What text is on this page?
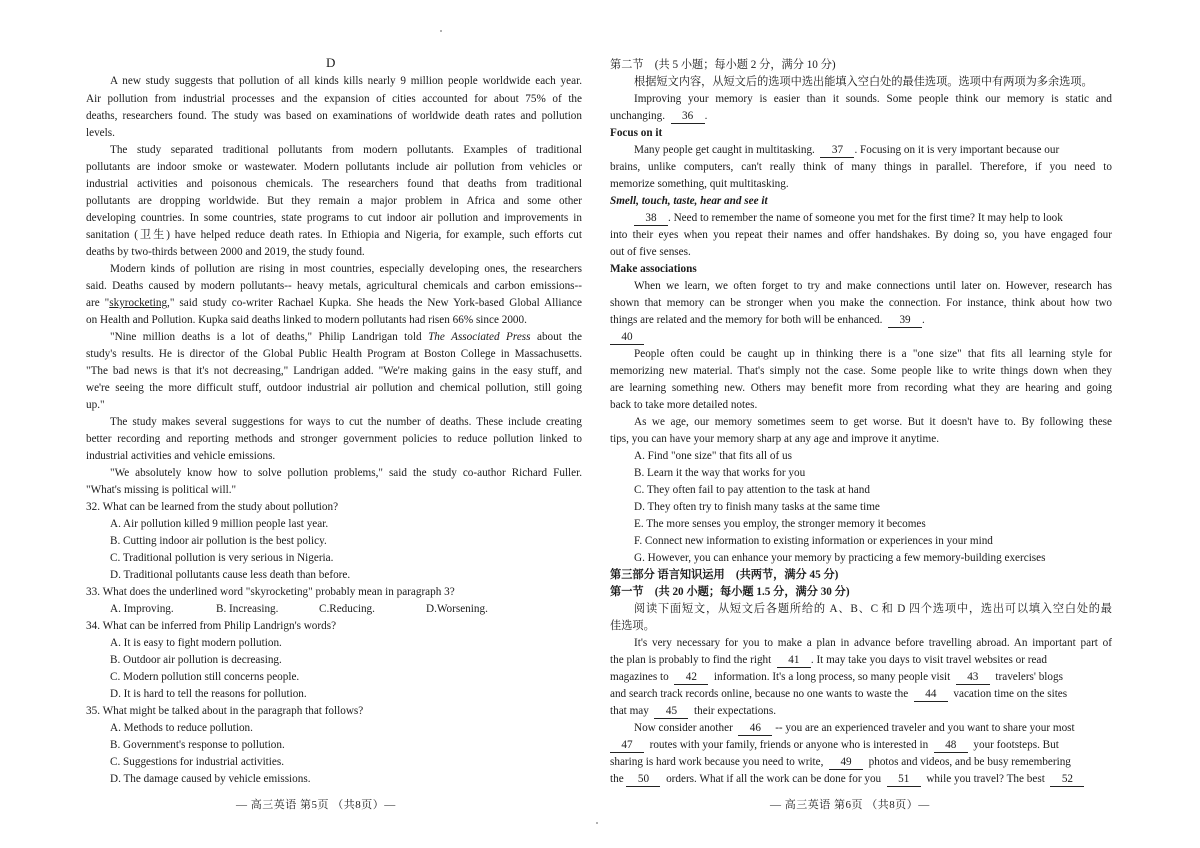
D
A new study suggests that pollution of all kinds kills nearly 9 million people worldwide each year.
Air pollution from industrial processes and the expansion of cities accounted for about 75% of the
deaths, researchers found. The study was based on examinations of worldwide death rates and pollution
levels.
The study separated traditional pollutants from modern pollutants. Examples of traditional
pollutants are indoor smoke or wastewater. Modern pollutants include air pollution from vehicles or
industrial activities and poisonous chemicals. The researchers found that deaths from traditional
pollutants are dropping worldwide. But they remain a major problem in Africa and some other
developing countries. In some countries, state programs to cut indoor air pollution and improvements in
sanitation (卫生) have helped reduce death rates. In Ethiopia and Nigeria, for example, such efforts cut
deaths by two-thirds between 2000 and 2019, the study found.
Modern kinds of pollution are rising in most countries, especially developing ones, the researchers
said. Deaths caused by modern pollutants-- heavy metals, agricultural chemicals and carbon emissions--
are "skyrocketing," said study co-writer Rachael Kupka. She heads the New York-based Global Alliance
on Health and Pollution. Kupka said deaths linked to modern pollutants had risen 66% since 2000.
"Nine million deaths is a lot of deaths," Philip Landrigan told The Associated Press about the
study's results. He is director of the Global Public Health Program at Boston College in Massachusetts.
"The bad news is that it's not decreasing," Landrigan added. "We're making gains in the easy stuff, and
we're seeing the more difficult stuff, outdoor industrial air pollution and chemical pollution, still going
up."
The study makes several suggestions for ways to cut the number of deaths. These include creating
better recording and reporting methods and stronger government policies to reduce pollution linked to
industrial activities and vehicle emissions.
"We absolutely know how to solve pollution problems," said the study co-author Richard Fuller.
"What's missing is political will."
32. What can be learned from the study about pollution?
A. Air pollution killed 9 million people last year.
B. Cutting indoor air pollution is the best policy.
C. Traditional pollution is very serious in Nigeria.
D. Traditional pollutants cause less death than before.
33. What does the underlined word "skyrocketing" probably mean in paragraph 3?
A. Improving.	B. Increasing.	C.Reducing.	D.Worsening.
34. What can be inferred from Philip Landrign's words?
A. It is easy to fight modern pollution.
B. Outdoor air pollution is decreasing.
C. Modern pollution still concerns people.
D. It is hard to tell the reasons for pollution.
35. What might be talked about in the paragraph that follows?
A. Methods to reduce pollution.
B. Government's response to pollution.
C. Suggestions for industrial activities.
D. The damage caused by vehicle emissions.
— 高三英语 第5页 （共8页）—
第二节　(共 5 小题；每小题 2 分，满分 10 分)
根据短文内容，从短文后的选项中选出能填入空白处的最佳选项。选项中有两项为多余选项。
Improving your memory is easier than it sounds. Some people think our memory is static and
unchanging. 36 .
Focus on it
Many people get caught in multitasking. 37 . Focusing on it is very important because our
brains, unlike computers, can't really think of many things in parallel. Therefore, if you need to
memorize something, quit multitasking.
Smell, touch, taste, hear and see it
38 . Need to remember the name of someone you met for the first time? It may help to look
into their eyes when you repeat their names and offer handshakes. By doing so, you have engaged four
out of five senses.
Make associations
When we learn, we often forget to try and make connections until later on. However, research has
shown that memory can be stronger when you make the connection. For instance, think about how two
things are related and the memory for both will be enhanced. 39 .
40
People often could be caught up in thinking there is a "one size" that fits all learning style for
memorizing new material. That's simply not the case. Some people like to write things down when they
are learning something new. Others may benefit more from recording what they are hearing and going
back to take more detailed notes.
As we age, our memory sometimes seem to get worse. But it doesn't have to. By following these
tips, you can have your memory sharp at any age and improve it anytime.
A. Find "one size" that fits all of us
B. Learn it the way that works for you
C. They often fail to pay attention to the task at hand
D. They often try to finish many tasks at the same time
E. The more senses you employ, the stronger memory it becomes
F. Connect new information to existing information or experiences in your mind
G. However, you can enhance your memory by practicing a few memory-building exercises
第三部分 语言知识运用　(共两节，满分 45 分)
第一节　(共 20 小题；每小题 1.5 分，满分 30 分)
阅读下面短文，从短文后各题所给的 A、B、C 和 D 四个选项中，选出可以填入空白处的最
佳选项。
It's very necessary for you to make a plan in advance before travelling abroad. An important part of
the plan is probably to find the right 41 . It may take you days to visit travel websites or read
magazines to 42 information. It's a long process, so many people visit 43 travelers' blogs
and search track records online, because no one wants to waste the 44 vacation time on the sites
that may 45 their expectations.
Now consider another 46 -- you are an experienced traveler and you want to share your most
47 routes with your family, friends or anyone who is interested in 48 your footsteps. But
sharing is hard work because you need to write, 49 photos and videos, and be busy remembering
the 50 orders. What if all the work can be done for you 51 while you travel? The best 52
— 高三英语 第6页 （共8页）—
